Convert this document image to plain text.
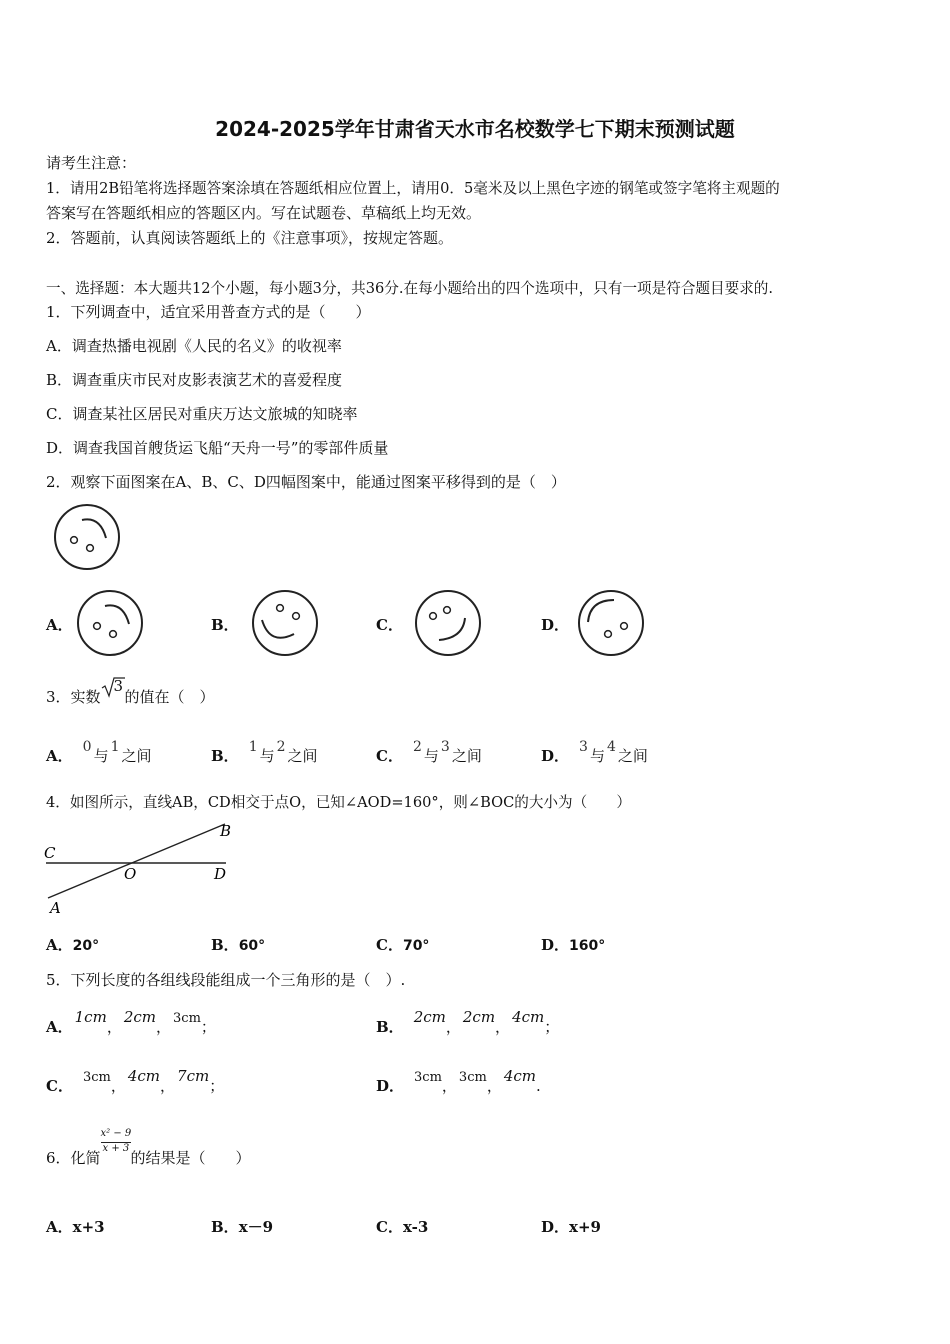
2024-2025学年甘肃省天水市名校数学七下期末预测试题
请考生注意：
1．请用2B铅笔将选择题答案涂填在答题纸相应位置上，请用0．5毫米及以上黑色字迹的钢笔或签字笔将主观题的
答案写在答题纸相应的答题区内。写在试题卷、草稿纸上均无效。
2．答题前，认真阅读答题纸上的《注意事项》，按规定答题。
一、选择题：本大题共12个小题，每小题3分，共36分.在每小题给出的四个选项中，只有一项是符合题目要求的.
1．下列调查中，适宜采用普查方式的是（　　）
A．调查热播电视剧《人民的名义》的收视率
B．调查重庆市民对皮影表演艺术的喜爱程度
C．调查某社区居民对重庆万达文旅城的知晓率
D．调查我国首艘货运飞船“天舟一号”的零部件质量
2．观察下面图案在A、B、C、D四幅图案中，能通过图案平移得到的是（　）
A．	B．	C．	D．
3．实数
3
的值在（　）
A． 0 与 1 之间	B． 1 与 2 之间	C． 2 与 3 之间	D． 3 与 4 之间
4．如图所示，直线AB，CD相交于点O，已知∠AOD=160°，则∠BOC的大小为（　　）
C
O	D
A
B
A．20°	B．60°	C．70°	D．160°
5．下列长度的各组线段能组成一个三角形的是（　）.
A．1cm，2cm， 3cm；	B．2cm，2cm，4cm；
C． 3cm，4cm，7cm；	D． 3cm， 3cm，4cm.
6．化简 $\frac{\text{x² − 9}}{x + 3}$ 的结果是（　　）
A．x+3	B．x－9	C．x-3	D．x+9
